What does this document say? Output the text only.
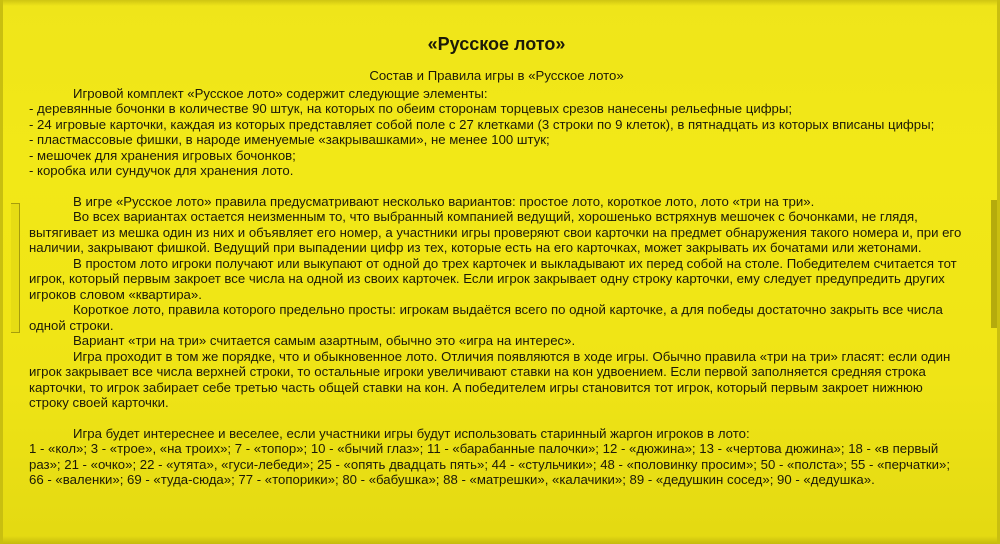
«Русское лото»
Состав и Правила игры в «Русское лото»

Игровой комплект «Русское лото» содержит следующие элементы:

- деревянные бочонки в количестве 90 штук, на которых по обеим сторонам торцевых срезов нанесены рельефные цифры;

- 24 игровые карточки, каждая из которых представляет собой поле с 27 клетками (3 строки по 9 клеток), в пятнадцать из которых вписаны цифры;

- пластмассовые фишки, в народе именуемые «закрывашками», не менее 100 штук;

- мешочек для хранения игровых бочонков;

- коробка или сундучок для хранения лото.

В игре «Русское лото» правила предусматривают несколько вариантов: простое лото, короткое лото, лото «три на три».

Во всех вариантах остается неизменным то, что выбранный компанией ведущий, хорошенько встряхнув мешочек с бочонками, не глядя, вытягивает из мешка один из них и объявляет его номер, а участники игры проверяют свои карточки на предмет обнаружения такого номера и, при его наличии, закрывают фишкой. Ведущий при выпадении цифр из тех, которые есть на его карточках, может закрывать их бочатами или жетонами.

В простом лото игроки получают или выкупают от одной до трех карточек и выкладывают их перед собой на столе. Победителем считается тот игрок, который первым закроет все числа на одной из своих карточек. Если игрок закрывает одну строку карточки, ему следует предупредить других игроков словом «квартира».

Короткое лото, правила которого предельно просты: игрокам выдаётся всего по одной карточке, а для победы достаточно закрыть все числа одной строки.

Вариант «три на три» считается самым азартным, обычно это «игра на интерес».

Игра проходит в том же порядке, что и обыкновенное лото. Отличия появляются в ходе игры. Обычно правила «три на три» гласят: если один игрок закрывает все числа верхней строки, то остальные игроки увеличивают ставки на кон удвоением. Если первой заполняется средняя строка карточки, то игрок забирает себе третью часть общей ставки на кон. А победителем игры становится тот игрок, который первым закроет нижнюю строку своей карточки.

Игра будет интереснее и веселее, если участники игры будут использовать старинный жаргон игроков в лото:

1 - «кол»; 3 - «трое», «на троих»; 7 - «топор»; 10 - «бычий глаз»; 11 - «барабанные палочки»; 12 - «дюжина»; 13 - «чертова дюжина»; 18 - «в первый раз»; 21 - «очко»; 22 - «утята», «гуси-лебеди»; 25 - «опять двадцать пять»; 44 - «стульчики»; 48 - «половинку просим»; 50 - «полста»; 55 - «перчатки»; 66 - «валенки»; 69 - «туда-сюда»; 77 - «топорики»; 80 - «бабушка»; 88 - «матрешки», «калачики»; 89 - «дедушкин сосед»; 90 - «дедушка».
